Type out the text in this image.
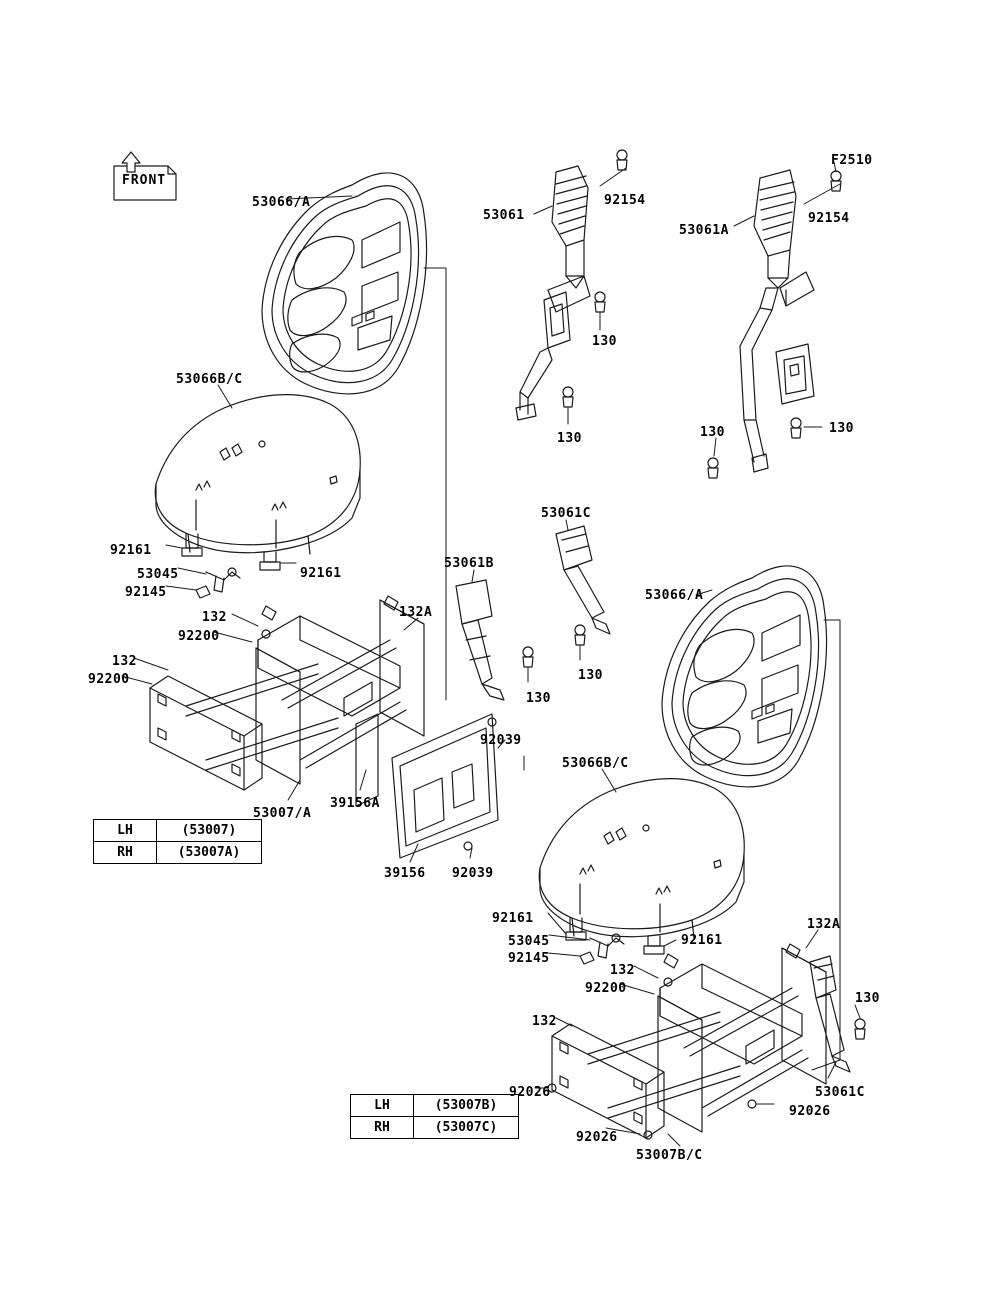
FRONT
53066/A
53066B/C
92161
53045
92145
92161
132
92200
132
92200
132A
53007/A
39156A
39156 92039
92039
53061B
130
53061C
130
53061
92154
130
130
F2510
53061A
92154
130
130
53066/A
53066B/C
92161
53045
92145
92161
132
92200
132
132A
130
53061C
92026
92026
92026
53007B/C
LH	(53007)
RH	(53007A)
LH	(53007B)
RH	(53007C)
